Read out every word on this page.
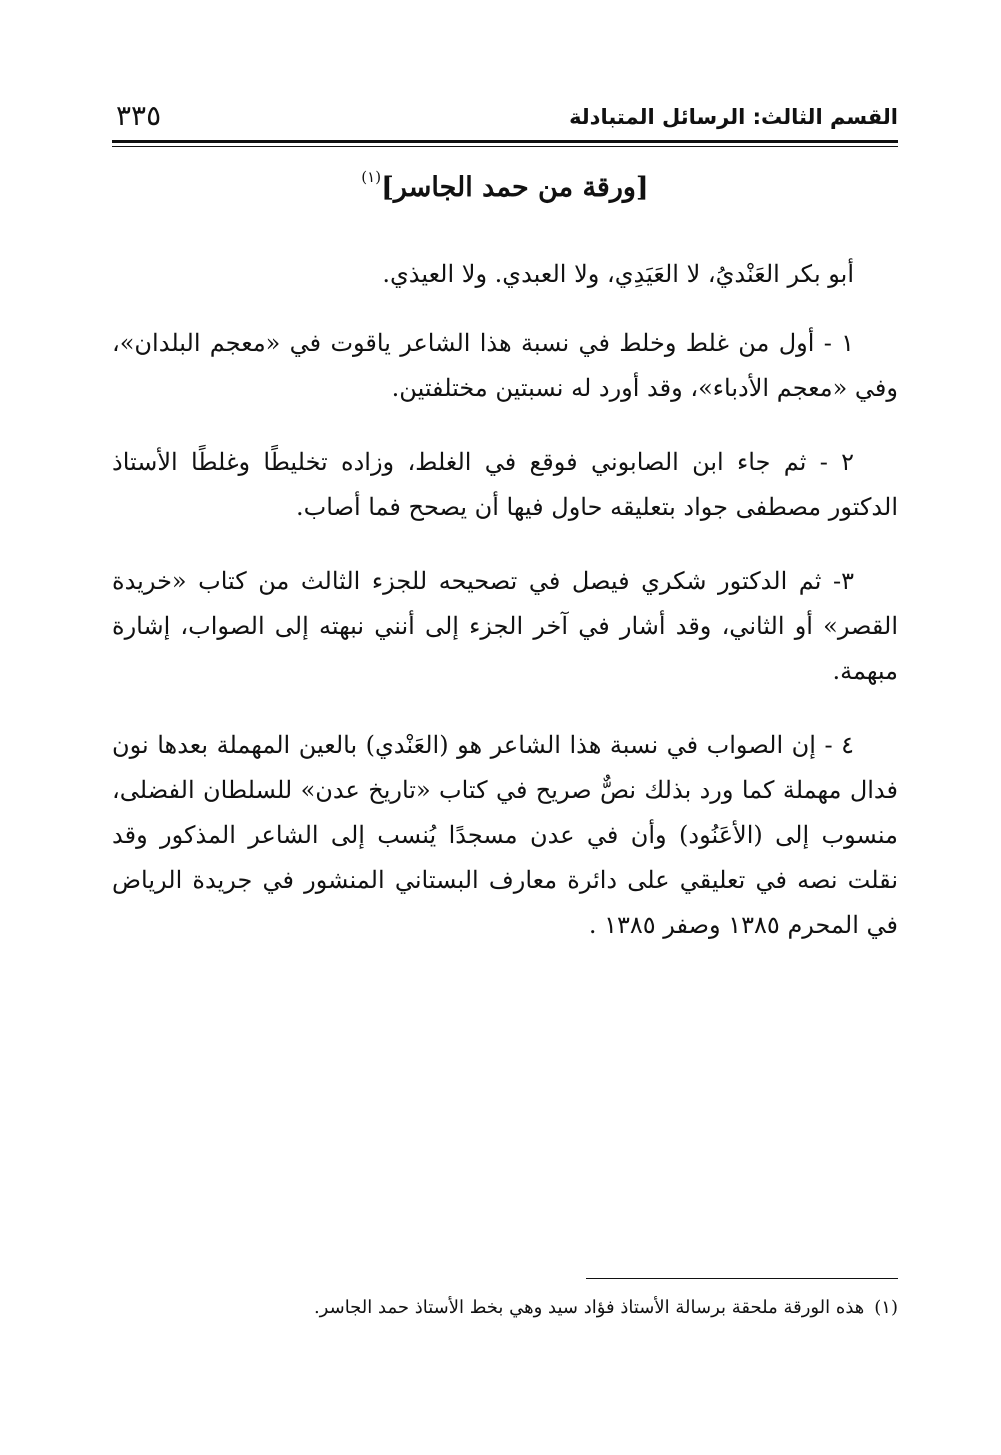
القسم الثالث: الرسائل المتبادلة
٣٣٥
[ورقة من حمد الجاسر]$^{(١)}$

أبو بكر العَنْديُ، لا العَيَدِي، ولا العبدي. ولا العيذي.

١ - أول من غلط وخلط في نسبة هذا الشاعر ياقوت في «معجم البلدان»، وفي «معجم الأدباء»، وقد أورد له نسبتين مختلفتين.

٢ - ثم جاء ابن الصابوني فوقع في الغلط، وزاده تخليطًا وغلطًا الأستاذ الدكتور مصطفى جواد بتعليقه حاول فيها أن يصحح فما أصاب.

٣- ثم الدكتور شكري فيصل في تصحيحه للجزء الثالث من كتاب «خريدة القصر» أو الثاني، وقد أشار في آخر الجزء إلى أنني نبهته إلى الصواب، إشارة مبهمة.

٤ - إن الصواب في نسبة هذا الشاعر هو (العَنْدي) بالعين المهملة بعدها نون فدال مهملة كما ورد بذلك نصٌّ صريح في كتاب «تاريخ عدن» للسلطان الفضلى، منسوب إلى (الأعَنُود) وأن في عدن مسجدًا يُنسب إلى الشاعر المذكور وقد نقلت نصه في تعليقي على دائرة معارف البستاني المنشور في جريدة الرياض في المحرم ١٣٨٥ وصفر ١٣٨٥ .

(١)هذه الورقة ملحقة برسالة الأستاذ فؤاد سيد وهي بخط الأستاذ حمد الجاسر.
